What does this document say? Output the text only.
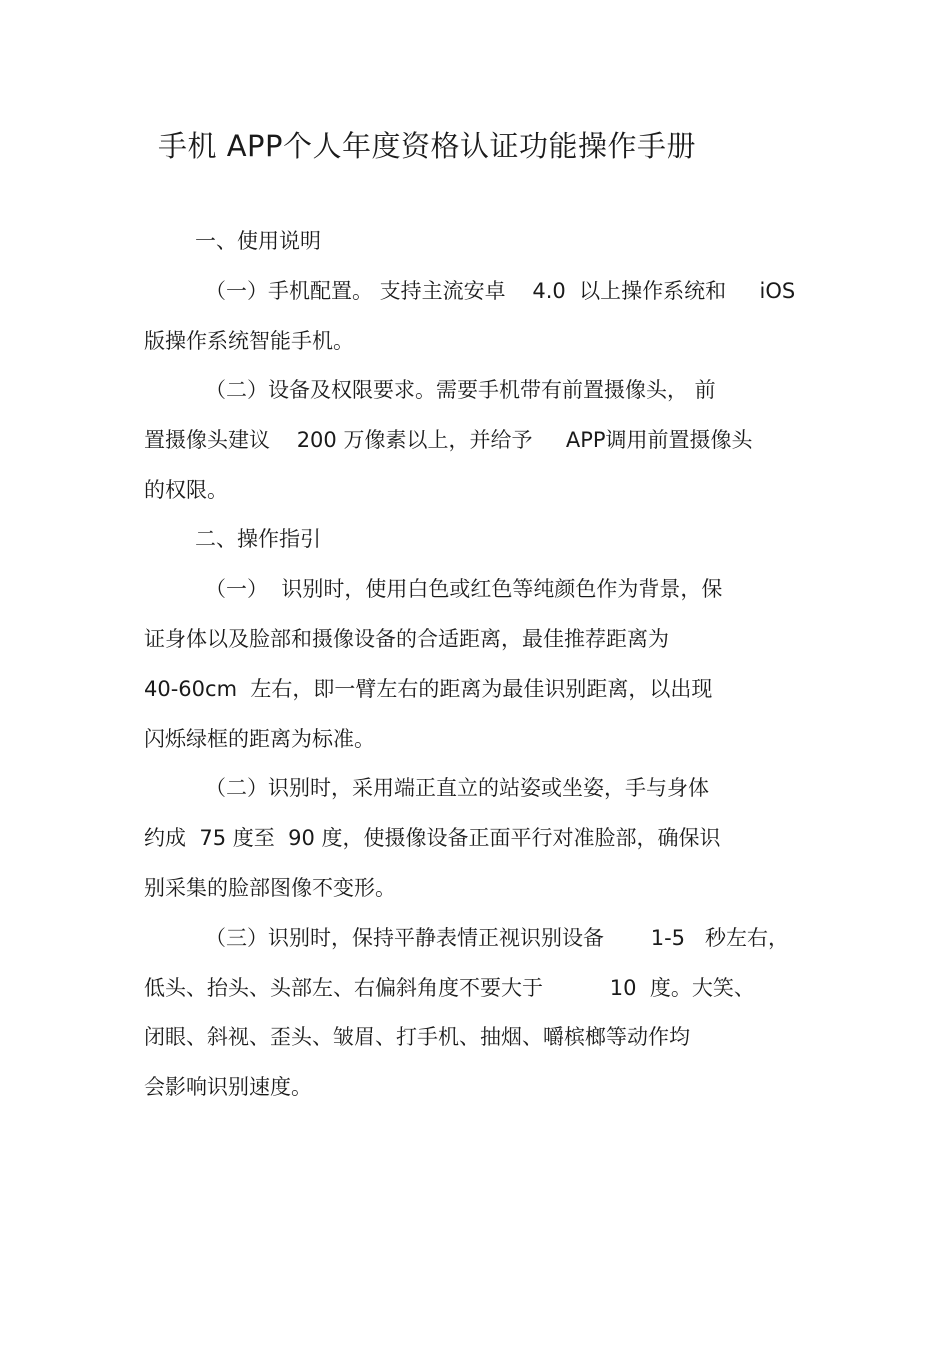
手机 APP个人年度资格认证功能操作手册
一、使用说明
（一）手机配置。 支持主流安卓    4.0  以上操作系统和     iOS
版操作系统智能手机。
（二）设备及权限要求。需要手机带有前置摄像头， 前
置摄像头建议    200 万像素以上，并给予     APP调用前置摄像头
的权限。
二、操作指引
（一）  识别时，使用白色或红色等纯颜色作为背景，保
证身体以及脸部和摄像设备的合适距离，最佳推荐距离为
40-60cm  左右，即一臂左右的距离为最佳识别距离，以出现
闪烁绿框的距离为标准。
（二）识别时，采用端正直立的站姿或坐姿，手与身体
约成  75 度至  90 度，使摄像设备正面平行对准脸部，确保识
别采集的脸部图像不变形。
（三）识别时，保持平静表情正视识别设备       1-5   秒左右，
低头、抬头、头部左、右偏斜角度不要大于          10  度。大笑、
闭眼、斜视、歪头、皱眉、打手机、抽烟、嚼槟榔等动作均
会影响识别速度。
